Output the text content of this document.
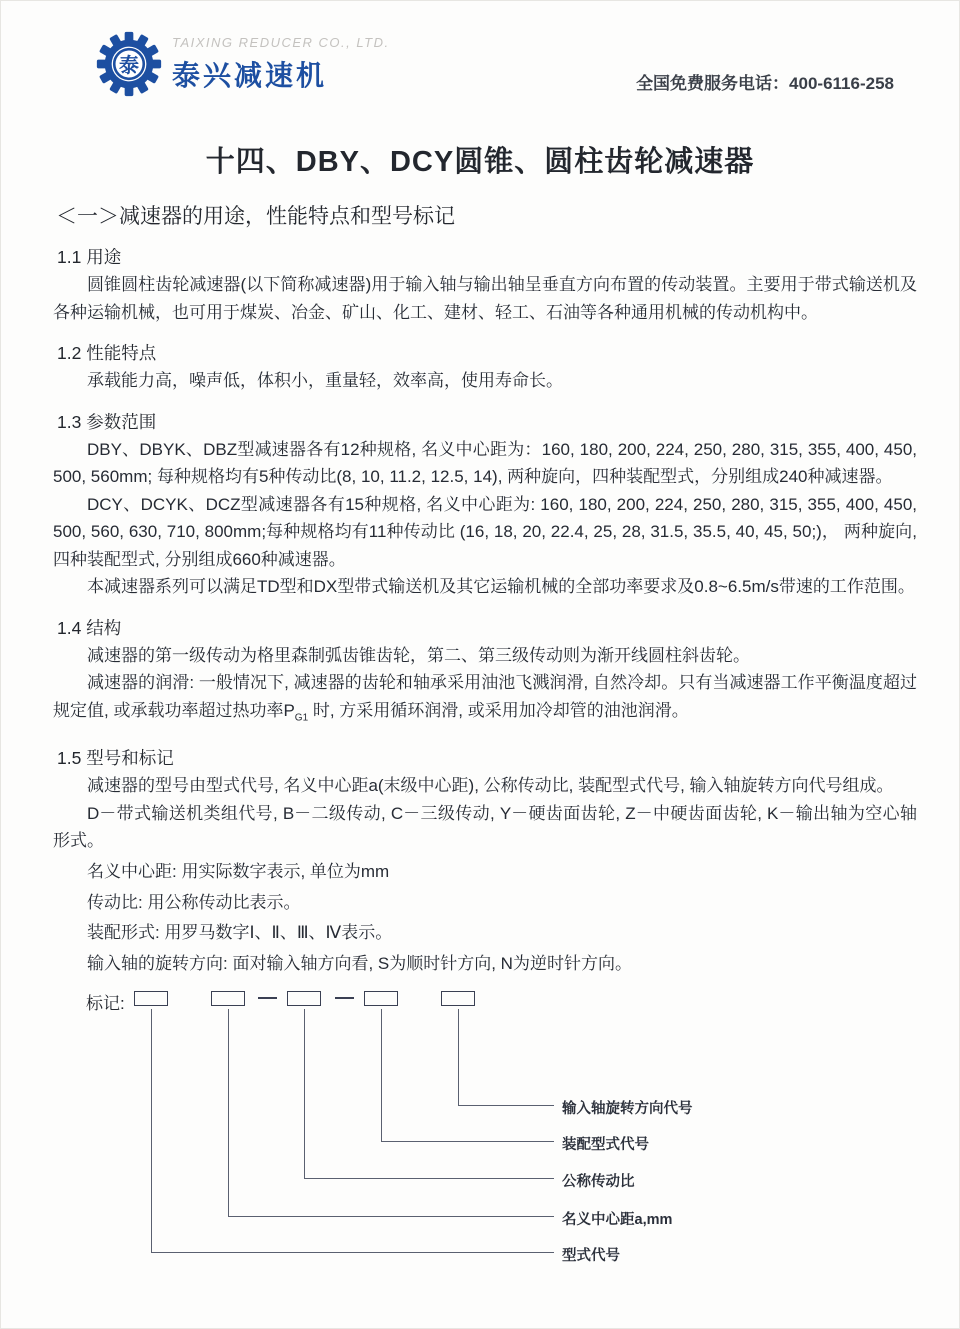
泰
TAIXING REDUCER CO., LTD.
泰兴减速机	全国免费服务电话：400-6116-258
十四、DBY、DCY圆锥、圆柱齿轮减速器
＜一＞减速器的用途，性能特点和型号标记
1.1 用途

圆锥圆柱齿轮减速器(以下简称减速器)用于输入轴与输出轴呈垂直方向布置的传动装置。主要用于带式输送机及各种运输机械，也可用于煤炭、冶金、矿山、化工、建材、轻工、石油等各种通用机械的传动机构中。

1.2 性能特点

承载能力高，噪声低，体积小，重量轻，效率高，使用寿命长。

1.3 参数范围

DBY、DBYK、DBZ型减速器各有12种规格, 名义中心距为：160, 180, 200, 224, 250, 280, 315, 355, 400, 450, 500, 560mm; 每种规格均有5种传动比(8, 10, 11.2, 12.5, 14), 两种旋向，四种装配型式，分别组成240种减速器。

DCY、DCYK、DCZ型减速器各有15种规格, 名义中心距为: 160, 180, 200, 224, 250, 280, 315, 355, 400, 450, 500, 560, 630, 710, 800mm;每种规格均有11种传动比 (16, 18, 20, 22.4, 25, 28, 31.5, 35.5, 40, 45, 50;)， 两种旋向, 四种装配型式, 分别组成660种减速器。

本减速器系列可以满足TD型和DX型带式输送机及其它运输机械的全部功率要求及0.8~6.5m/s带速的工作范围。

1.4 结构

减速器的第一级传动为格里森制弧齿锥齿轮，第二、第三级传动则为渐开线圆柱斜齿轮。

减速器的润滑: 一般情况下, 减速器的齿轮和轴承采用油池飞溅润滑, 自然冷却。只有当减速器工作平衡温度超过规定值, 或承载功率超过热功率$P_{G1}$ 时, 方采用循环润滑, 或采用加冷却管的油池润滑。

1.5 型号和标记

减速器的型号由型式代号, 名义中心距a(末级中心距), 公称传动比, 装配型式代号, 输入轴旋转方向代号组成。

D－带式输送机类组代号, B－二级传动, C－三级传动, Y－硬齿面齿轮, Z－中硬齿面齿轮, K－输出轴为空心轴形式。

名义中心距: 用实际数字表示, 单位为mm
传动比: 用公称传动比表示。
装配形式: 用罗马数字Ⅰ、Ⅱ、Ⅲ、Ⅳ表示。
输入轴的旋转方向: 面对输入轴方向看, S为顺时针方向, N为逆时针方向。
标记:
输入轴旋转方向代号
装配型式代号
公称传动比
名义中心距a,mm
型式代号
